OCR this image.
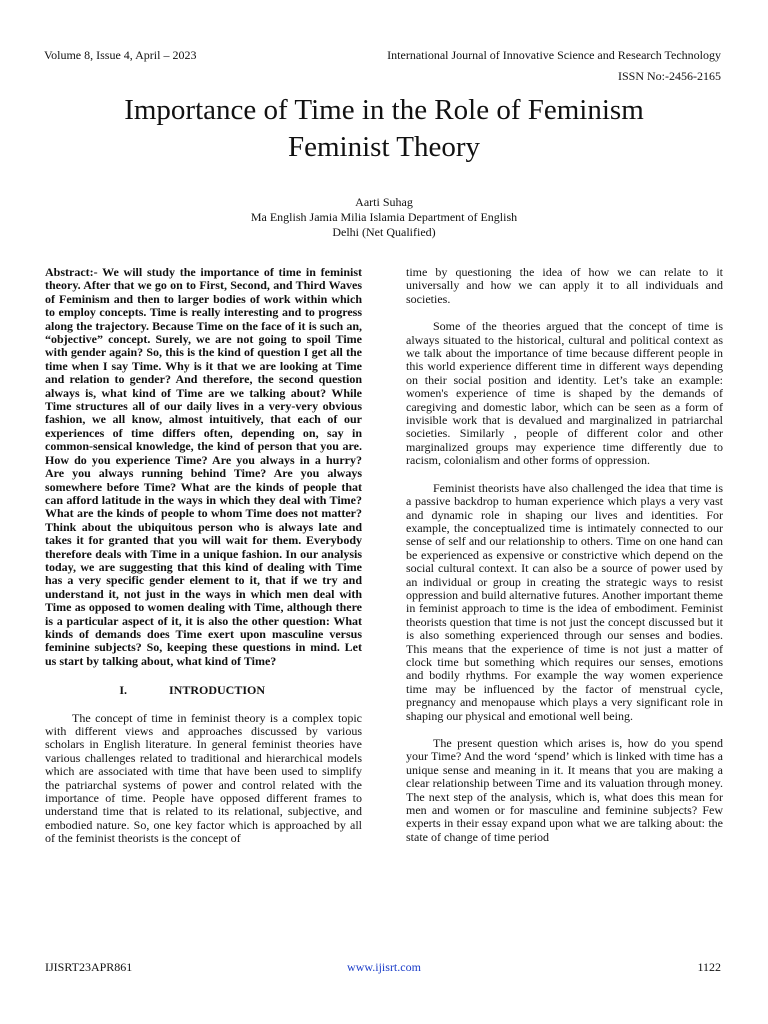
Volume 8, Issue 4, April – 2023	International Journal of Innovative Science and Research Technology
ISSN No:-2456-2165
Importance of Time in the Role of Feminism
Feminist Theory
Aarti Suhag
Ma English Jamia Milia Islamia Department of English
Delhi (Net Qualified)

Abstract:- We will study the importance of time in feminist theory. After that we go on to First, Second, and Third Waves of Feminism and then to larger bodies of work within which to employ concepts. Time is really interesting and to progress along the trajectory. Because Time on the face of it is such an, “objective” concept. Surely, we are not going to spoil Time with gender again? So, this is the kind of question I get all the time when I say Time. Why is it that we are looking at Time and relation to gender? And therefore, the second question always is, what kind of Time are we talking about? While Time structures all of our daily lives in a very-very obvious fashion, we all know, almost intuitively, that each of our experiences of time differs often, depending on, say in common-sensical knowledge, the kind of person that you are. How do you experience Time? Are you always in a hurry? Are you always running behind Time? Are you always somewhere before Time? What are the kinds of people that can afford latitude in the ways in which they deal with Time? What are the kinds of people to whom Time does not matter? Think about the ubiquitous person who is always late and takes it for granted that you will wait for them. Everybody therefore deals with Time in a unique fashion. In our analysis today, we are suggesting that this kind of dealing with Time has a very specific gender element to it, that if we try and understand it, not just in the ways in which men deal with Time as opposed to women dealing with Time, although there is a particular aspect of it, it is also the other question: What kinds of demands does Time exert upon masculine versus feminine subjects? So, keeping these questions in mind. Let us start by talking about, what kind of Time?

I.	INTRODUCTION

The concept of time in feminist theory is a complex topic with different views and approaches discussed by various scholars in English literature. In general feminist theories have various challenges related to traditional and hierarchical models which are associated with time that have been used to simplify the patriarchal systems of power and control related with the importance of time. People have opposed different frames to understand time that is related to its relational, subjective, and embodied nature. So, one key factor which is approached by all of the feminist theorists is the concept of

time by questioning the idea of how we can relate to it universally and how we can apply it to all individuals and societies.

Some of the theories argued that the concept of time is always situated to the historical, cultural and political context as we talk about the importance of time because different people in this world experience different time in different ways depending on their social position and identity. Let’s take an example: women's experience of time is shaped by the demands of caregiving and domestic labor, which can be seen as a form of invisible work that is devalued and marginalized in patriarchal societies. Similarly , people of different color and other marginalized groups may experience time differently due to racism, colonialism and other forms of oppression.

Feminist theorists have also challenged the idea that time is a passive backdrop to human experience which plays a very vast and dynamic role in shaping our lives and identities. For example, the conceptualized time is intimately connected to our sense of self and our relationship to others. Time on one hand can be experienced as expensive or constrictive which depend on the social cultural context. It can also be a source of power used by an individual or group in creating the strategic ways to resist oppression and build alternative futures. Another important theme in feminist approach to time is the idea of embodiment. Feminist theorists question that time is not just the concept discussed but it is also something experienced through our senses and bodies. This means that the experience of time is not just a matter of clock time but something which requires our senses, emotions and bodily rhythms. For example the way women experience time may be influenced by the factor of menstrual cycle, pregnancy and menopause which plays a very significant role in shaping our physical and emotional well being.

The present question which arises is, how do you spend your Time? And the word ‘spend’ which is linked with time has a unique sense and meaning in it. It means that you are making a clear relationship between Time and its valuation through money. The next step of the analysis, which is, what does this mean for men and women or for masculine and feminine subjects? Few experts in their essay expand upon what we are talking about: the state of change of time period

IJISRT23APR861	www.ijisrt.com	1122
